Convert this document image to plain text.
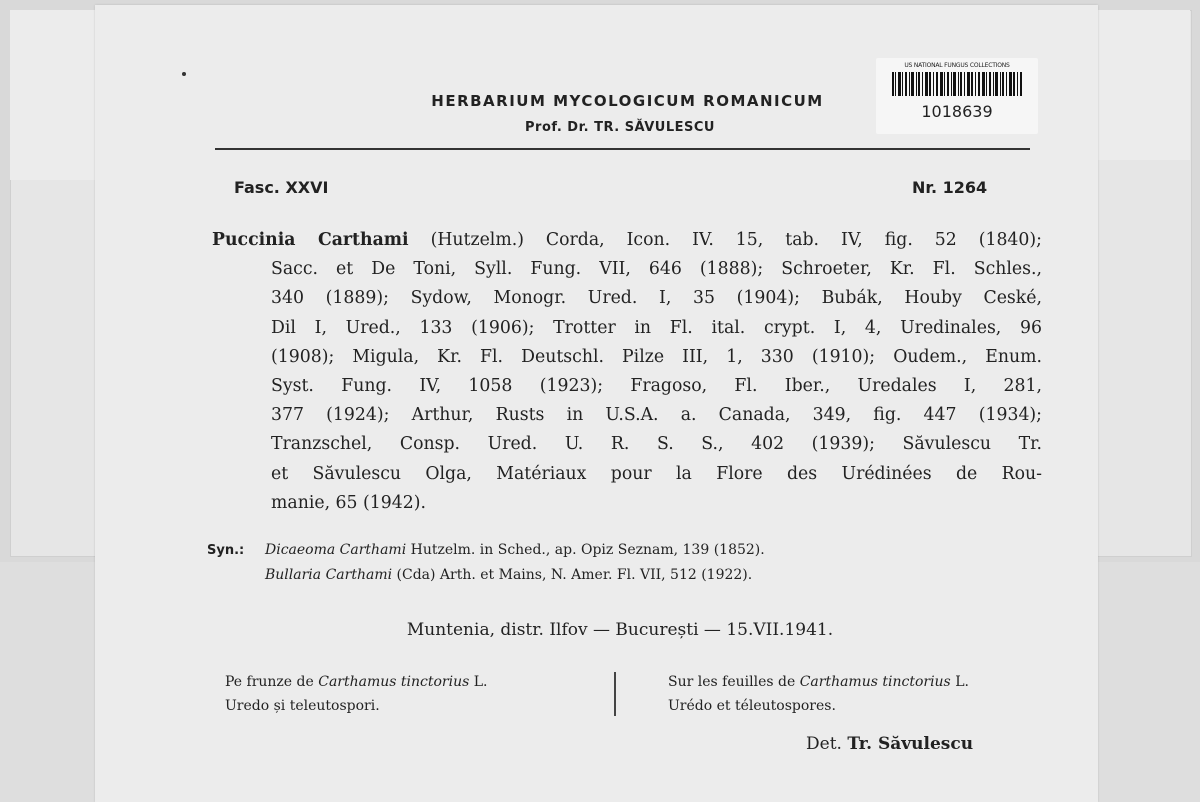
HERBARIUM MYCOLOGICUM ROMANICUM
Prof. Dr. TR. SĂVULESCU
US NATIONAL FUNGUS COLLECTIONS
1018639
Fasc. XXVI	Nr. 1264
Puccinia Carthami (Hutzelm.) Corda, Icon. IV. 15, tab. IV, fig. 52 (1840);
Sacc. et De Toni, Syll. Fung. VII, 646 (1888); Schroeter, Kr. Fl. Schles.,
340 (1889); Sydow, Monogr. Ured. I, 35 (1904); Bubák, Houby Ceské,
Dil I, Ured., 133 (1906); Trotter in Fl. ital. crypt. I, 4, Uredinales, 96
(1908); Migula, Kr. Fl. Deutschl. Pilze III, 1, 330 (1910); Oudem., Enum.
Syst. Fung. IV, 1058 (1923); Fragoso, Fl. Iber., Uredales I, 281,
377 (1924); Arthur, Rusts in U.S.A. a. Canada, 349, fig. 447 (1934);
Tranzschel, Consp. Ured. U. R. S. S., 402 (1939); Săvulescu Tr.
et Săvulescu Olga, Matériaux pour la Flore des Urédinées de Rou-
manie, 65 (1942).
Syn.: Dicaeoma Carthami Hutzelm. in Sched., ap. Opiz Seznam, 139 (1852).
Bullaria Carthami (Cda) Arth. et Mains, N. Amer. Fl. VII, 512 (1922).
Muntenia, distr. Ilfov — București — 15.VII.1941.
Pe frunze de Carthamus tinctorius L.
Uredo și teleutospori.
Sur les feuilles de Carthamus tinctorius L.
Urédo et téleutospores.
Det. Tr. Săvulescu
